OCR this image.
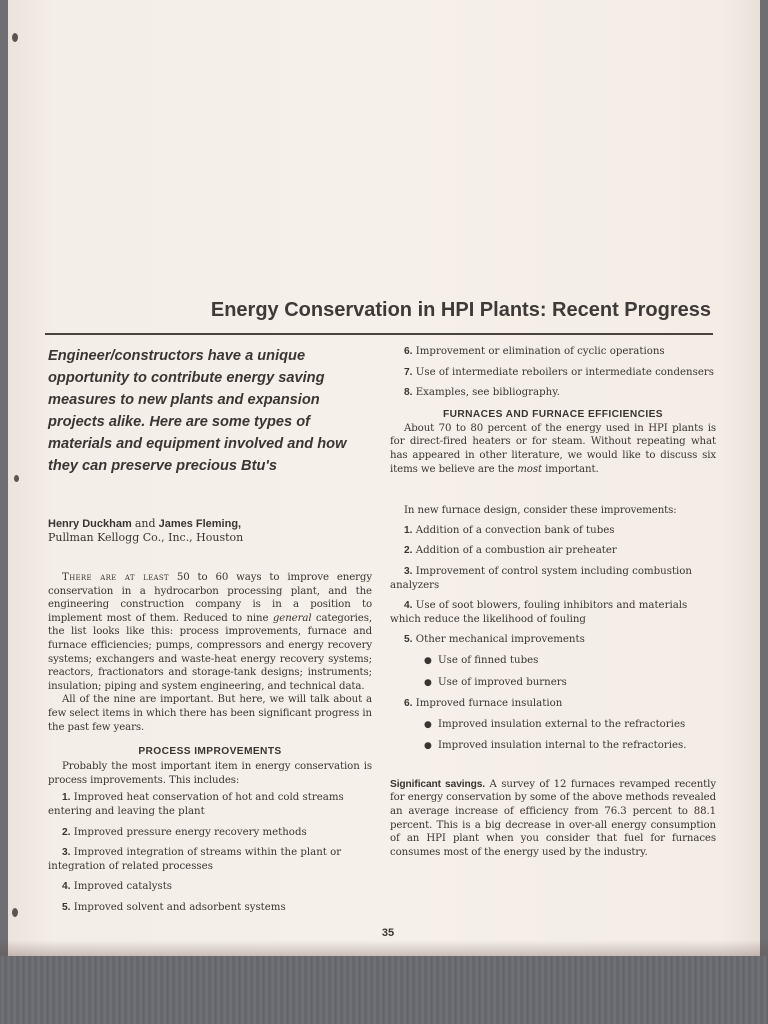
Energy Conservation in HPI Plants: Recent Progress

Engineer/constructors have a unique opportunity to contribute energy saving measures to new plants and expansion projects alike. Here are some types of materials and equipment involved and how they can preserve precious Btu's

Henry Duckham and James Fleming,
Pullman Kellogg Co., Inc., Houston

There are at least 50 to 60 ways to improve energy conservation in a hydrocarbon processing plant, and the engineering construction company is in a position to implement most of them. Reduced to nine general categories, the list looks like this: process improvements, furnace and furnace efficiencies; pumps, compressors and energy recovery systems; exchangers and waste-heat energy recovery systems; reactors, fractionators and storage-tank designs; instruments; insulation; piping and system engineering, and technical data.

All of the nine are important. But here, we will talk about a few select items in which there has been significant progress in the past few years.

PROCESS IMPROVEMENTS

Probably the most important item in energy conservation is process improvements. This includes:

1. Improved heat conservation of hot and cold streams entering and leaving the plant

2. Improved pressure energy recovery methods

3. Improved integration of streams within the plant or integration of related processes

4. Improved catalysts

5. Improved solvent and adsorbent systems

6. Improvement or elimination of cyclic operations

7. Use of intermediate reboilers or intermediate condensers

8. Examples, see bibliography.

FURNACES AND FURNACE EFFICIENCIES

About 70 to 80 percent of the energy used in HPI plants is for direct-fired heaters or for steam. Without repeating what has appeared in other literature, we would like to discuss six items we believe are the most important.

In new furnace design, consider these improvements:

1. Addition of a convection bank of tubes

2. Addition of a combustion air preheater

3. Improvement of control system including combustion analyzers

4. Use of soot blowers, fouling inhibitors and materials which reduce the likelihood of fouling

5. Other mechanical improvements

● Use of finned tubes

● Use of improved burners

6. Improved furnace insulation

● Improved insulation external to the refractories

● Improved insulation internal to the refractories.

Significant savings. A survey of 12 furnaces revamped recently for energy conservation by some of the above methods revealed an average increase of efficiency from 76.3 percent to 88.1 percent. This is a big decrease in over-all energy consumption of an HPI plant when you consider that fuel for furnaces consumes most of the energy used by the industry.

35
